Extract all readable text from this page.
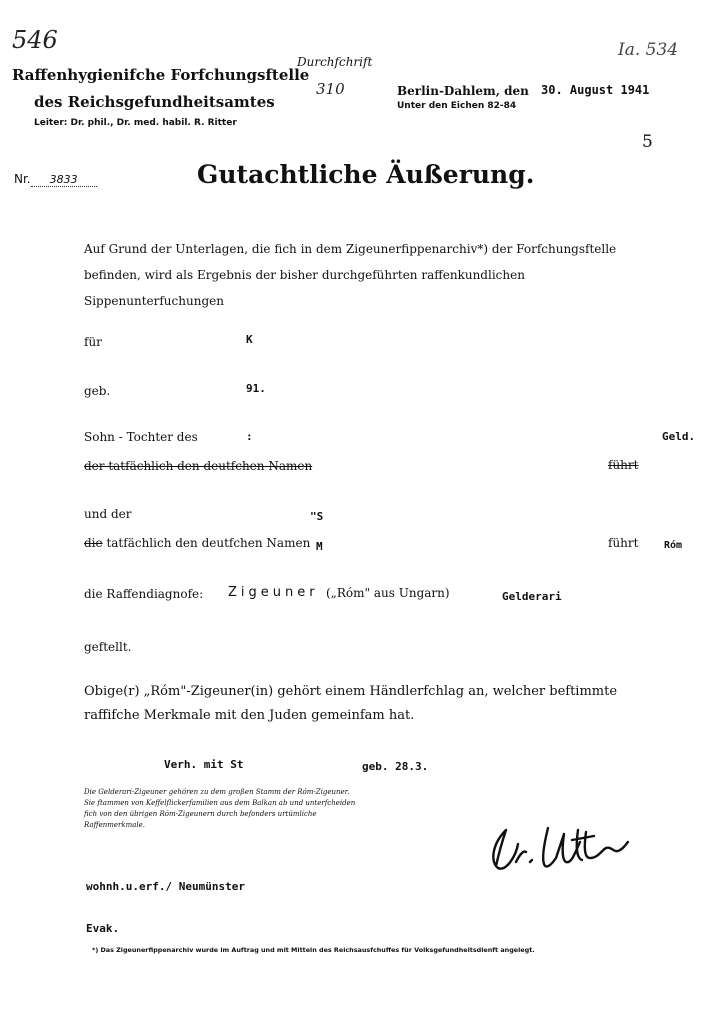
546	Ia. 534
310
5
Raffenhygienifche Forfchungsftelle
des Reichsgefundheitsamtes
Leiter: Dr. phil., Dr. med. habil. R. Ritter
Durchfchrift
Berlin-Dahlem, den
Unter den Eichen 82-84
30. August 1941
Nr. 3833	Gutachtliche Äußerung.
Auf Grund der Unterlagen, die fich in dem Zigeunerfippenarchiv*) der Forfchungsftelle befinden, wird als Ergebnis der bisher durchgeführten raffenkundlichen Sippenunterfuchungen
für	K
geb.	91.
Sohn - Tochter des	:	Geld.
der tatfächlich den deutfchen Namen	führt
und der	"S
die tatfächlich den deutfchen Namen M	führt	Róm
die Raffendiagnofe: Zigeuner („Róm" aus Ungarn)	Gelderari
geftellt.
Obige(r) „Róm"-Zigeuner(in) gehört einem Händlerfchlag an, welcher beftimmte raffifche Merkmale mit den Juden gemeinfam hat.
Verh. mit St	geb. 28.3.
Die Gelderari-Zigeuner gehören zu dem großen Stamm der Róm-Zigeuner. Sie ftammen von Keffelflickerfamilien aus dem Balkan ab und unterfcheiden fich von den übrigen Róm-Zigeunern durch befonders urtümliche Raffenmerkmale.
wohnh.u.erf./ Neumünster
Evak.
*) Das Zigeunerfippenarchiv wurde im Auftrag und mit Mitteln des Reichsausfchuffes für Volksgefundheitsdienft angelegt.
